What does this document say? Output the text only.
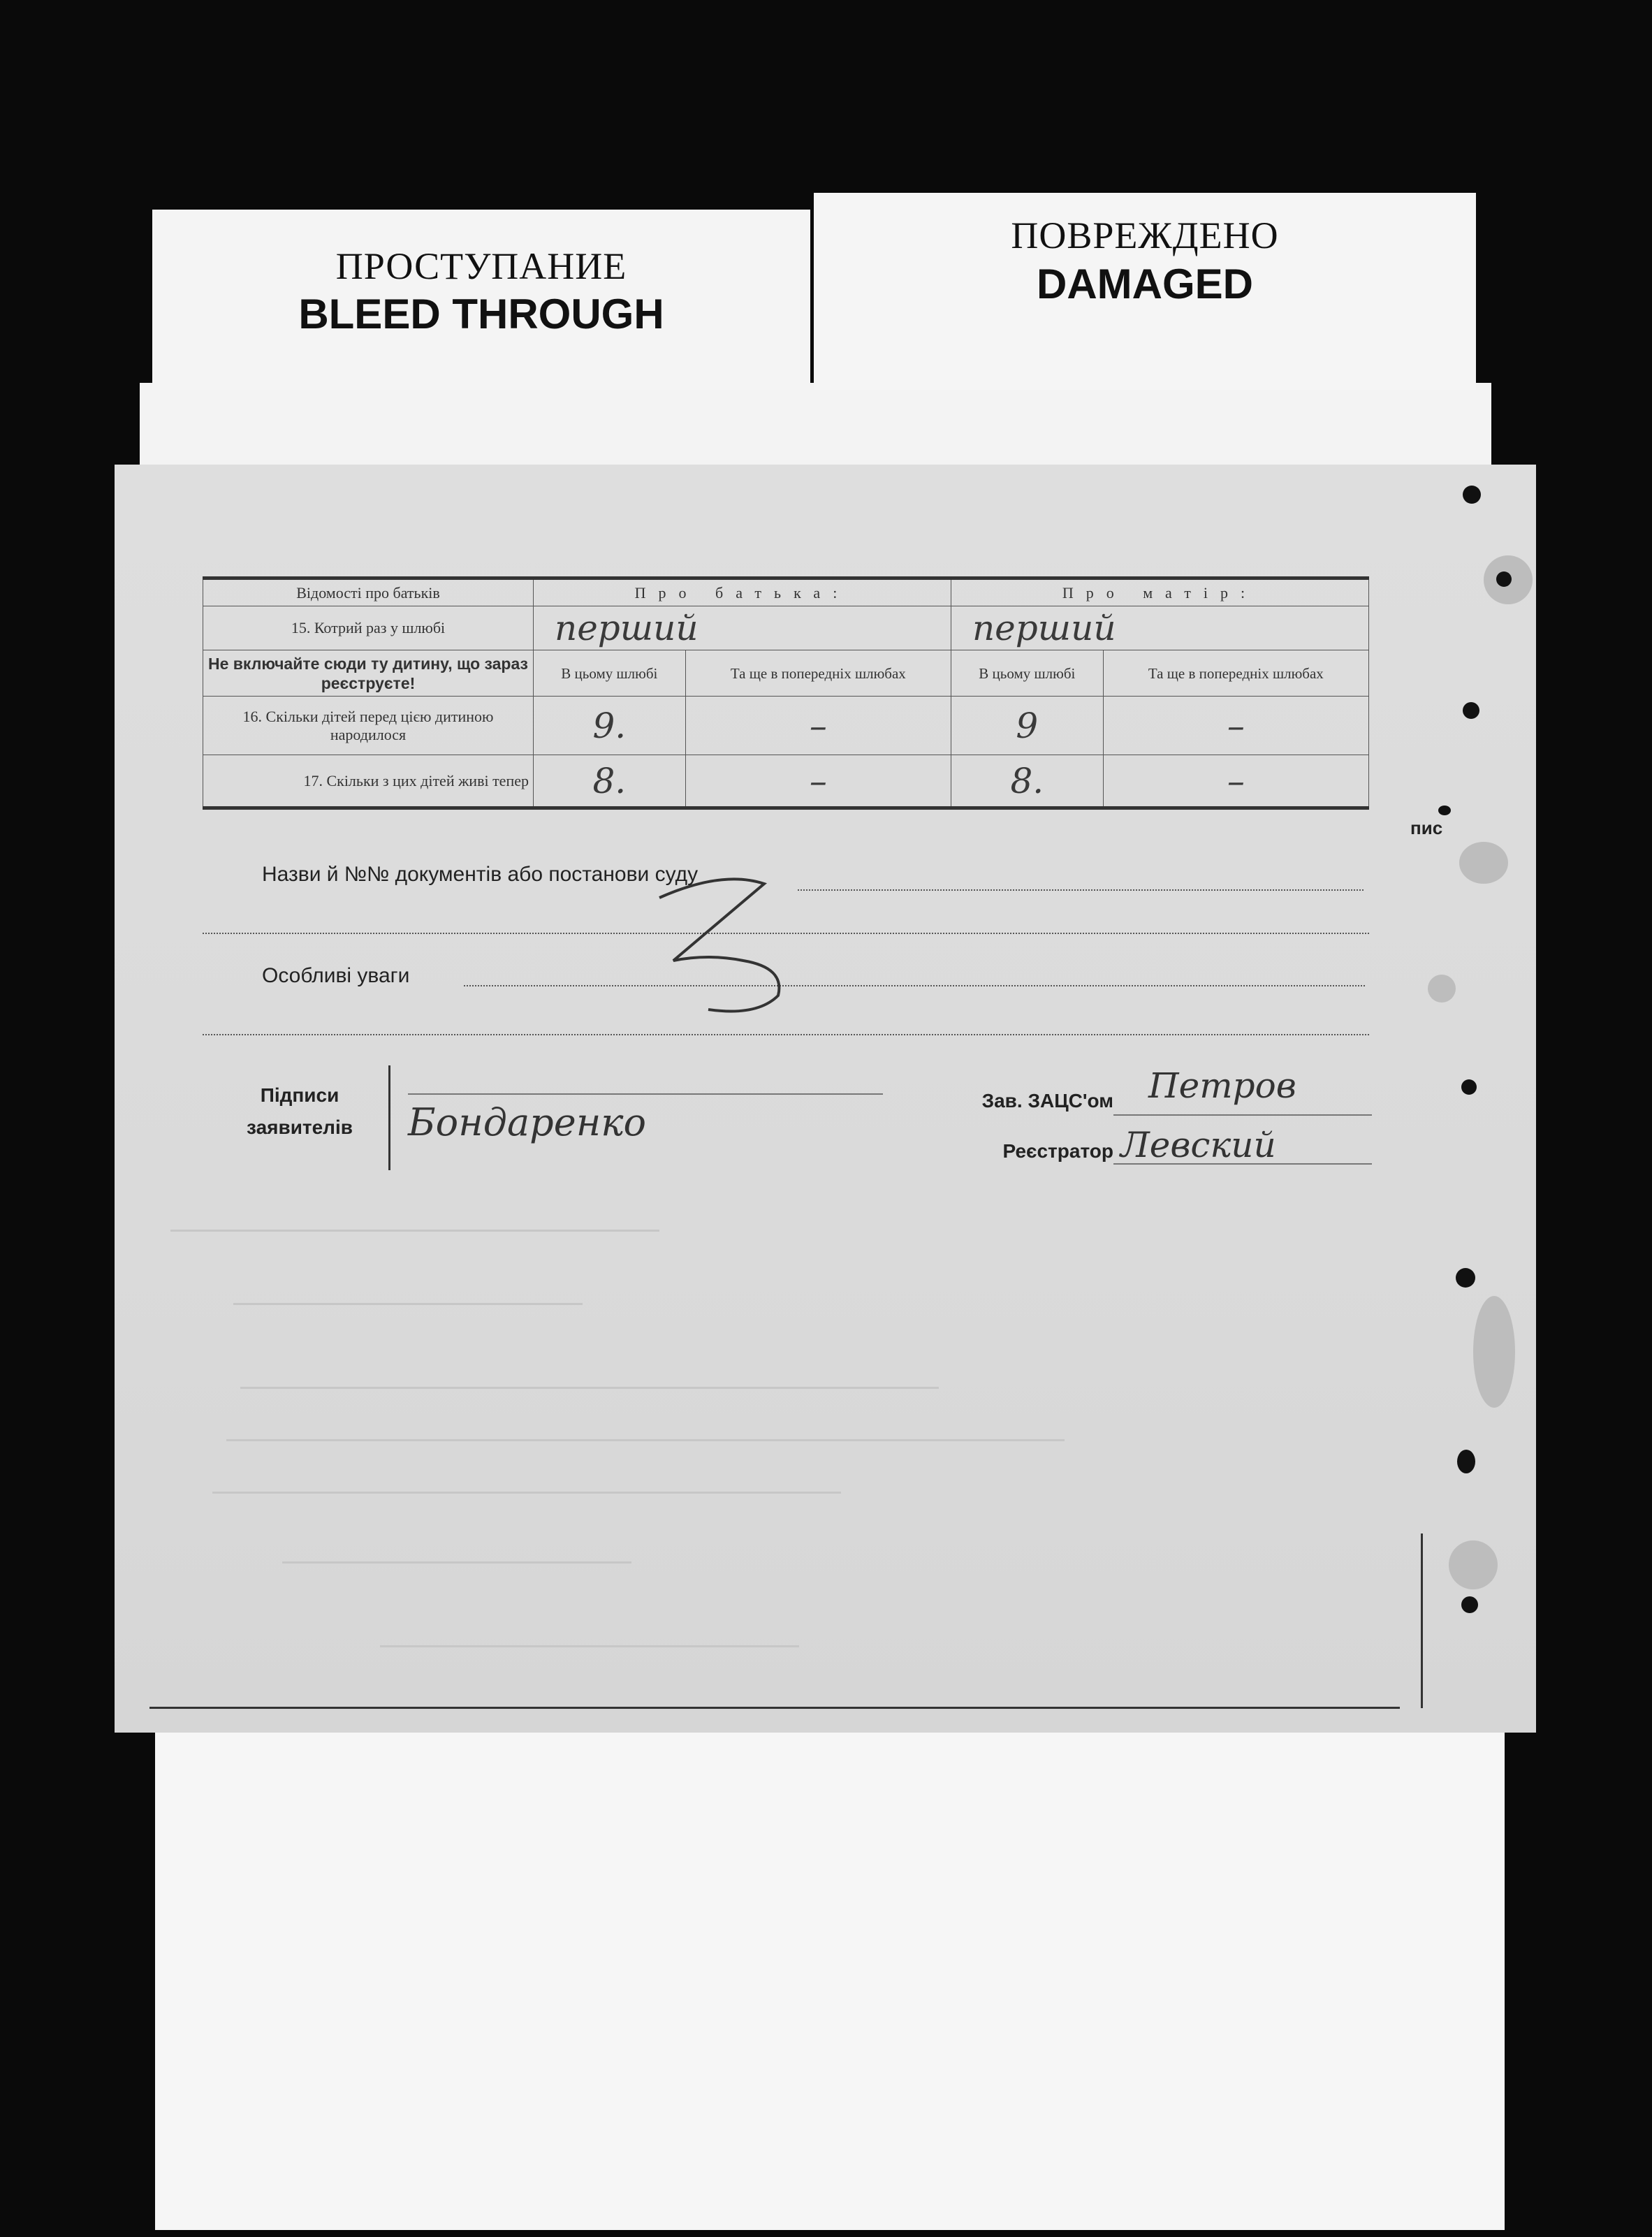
ПРОСТУПАНИЕ
BLEED THROUGH
ПОВРЕЖДЕНО
DAMAGED
Відомості про батьків	Про батька:		Про матір:	
15. Котрий раз у шлюбі	перший		перший	
Не включайте сюди ту дитину, що зараз реєструєте!	В цьому шлюбі	Та ще в попередніх шлюбах	В цьому шлюбі	Та ще в попередніх шлюбах
16. Скільки дітей перед цією дитиною народилося	9.	–	9	–
17. Скільки з цих дітей живі тепер	8.	–	8.	–
Назви й №№ документів або постанови суду
Особливі уваги
Підписи
заявителів	Бондаренко	Зав. ЗАЦС'ом
Реєстратор
Петров
Левский
пис
